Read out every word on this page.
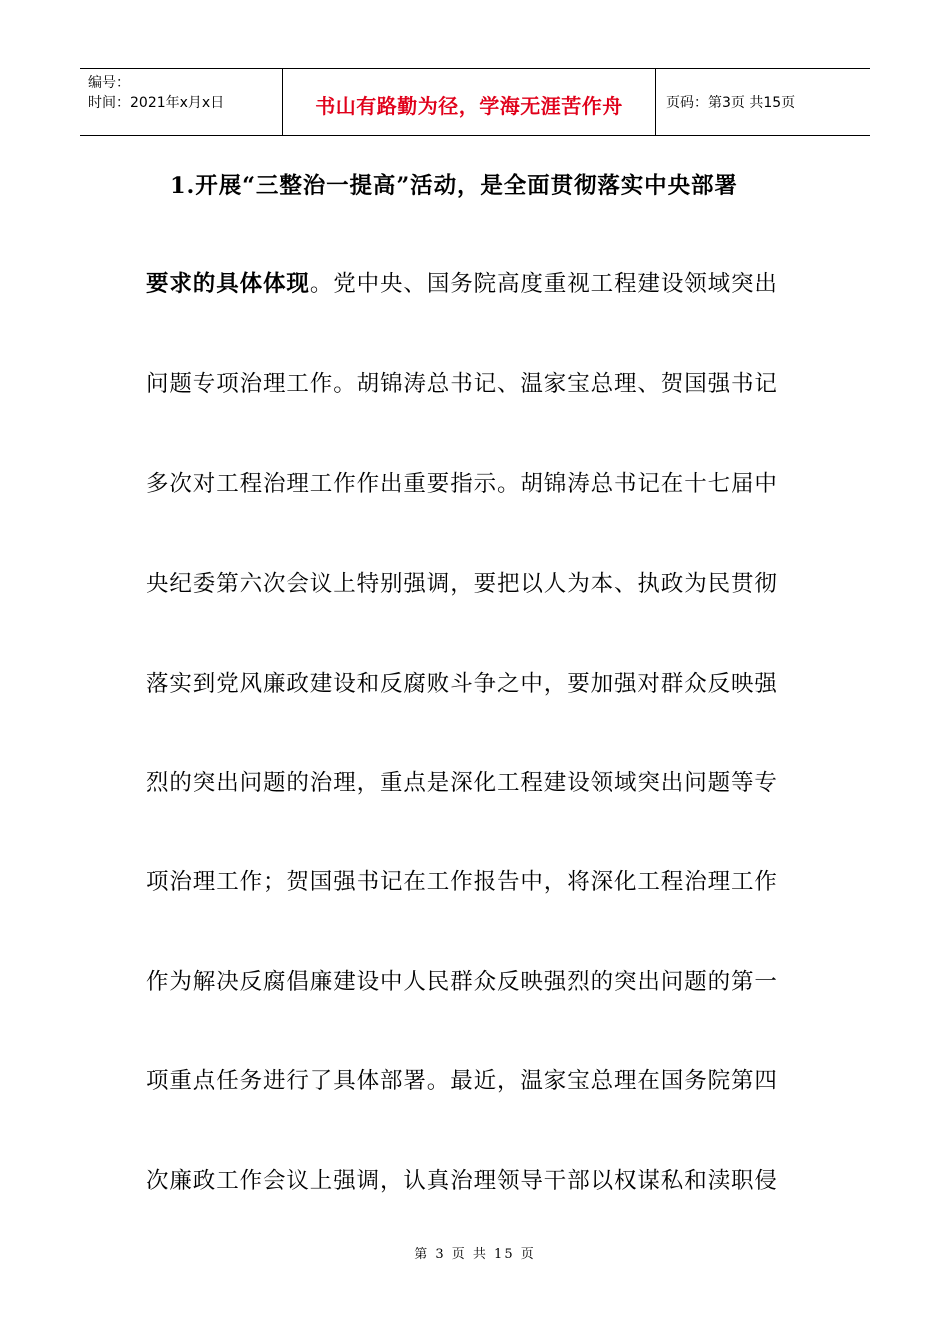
编号：
时间：2021年x月x日	书山有路勤为径，学海无涯苦作舟	页码：第3页 共15页
1.开展“三整治一提高”活动，是全面贯彻落实中央部署
要求的具体体现。党中央、国务院高度重视工程建设领域突出
问题专项治理工作。胡锦涛总书记、温家宝总理、贺国强书记
多次对工程治理工作作出重要指示。胡锦涛总书记在十七届中
央纪委第六次会议上特别强调，要把以人为本、执政为民贯彻
落实到党风廉政建设和反腐败斗争之中，要加强对群众反映强
烈的突出问题的治理，重点是深化工程建设领域突出问题等专
项治理工作；贺国强书记在工作报告中，将深化工程治理工作
作为解决反腐倡廉建设中人民群众反映强烈的突出问题的第一
项重点任务进行了具体部署。最近，温家宝总理在国务院第四
次廉政工作会议上强调，认真治理领导干部以权谋私和渎职侵
第 3 页 共 15 页
